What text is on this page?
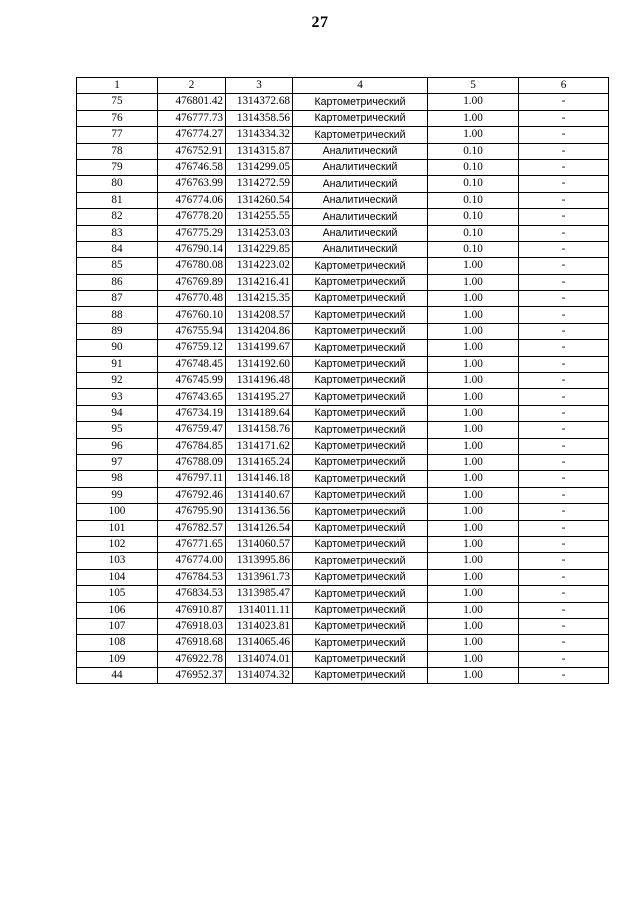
27
1	2	3	4	5	6
75	476801.42	1314372.68	Картометрический	1.00	-
76	476777.73	1314358.56	Картометрический	1.00	-
77	476774.27	1314334.32	Картометрический	1.00	-
78	476752.91	1314315.87	Аналитический	0.10	-
79	476746.58	1314299.05	Аналитический	0.10	-
80	476763.99	1314272.59	Аналитический	0.10	-
81	476774.06	1314260.54	Аналитический	0.10	-
82	476778.20	1314255.55	Аналитический	0.10	-
83	476775.29	1314253.03	Аналитический	0.10	-
84	476790.14	1314229.85	Аналитический	0.10	-
85	476780.08	1314223.02	Картометрический	1.00	-
86	476769.89	1314216.41	Картометрический	1.00	-
87	476770.48	1314215.35	Картометрический	1.00	-
88	476760.10	1314208.57	Картометрический	1.00	-
89	476755.94	1314204.86	Картометрический	1.00	-
90	476759.12	1314199.67	Картометрический	1.00	-
91	476748.45	1314192.60	Картометрический	1.00	-
92	476745.99	1314196.48	Картометрический	1.00	-
93	476743.65	1314195.27	Картометрический	1.00	-
94	476734.19	1314189.64	Картометрический	1.00	-
95	476759.47	1314158.76	Картометрический	1.00	-
96	476784.85	1314171.62	Картометрический	1.00	-
97	476788.09	1314165.24	Картометрический	1.00	-
98	476797.11	1314146.18	Картометрический	1.00	-
99	476792.46	1314140.67	Картометрический	1.00	-
100	476795.90	1314136.56	Картометрический	1.00	-
101	476782.57	1314126.54	Картометрический	1.00	-
102	476771.65	1314060.57	Картометрический	1.00	-
103	476774.00	1313995.86	Картометрический	1.00	-
104	476784.53	1313961.73	Картометрический	1.00	-
105	476834.53	1313985.47	Картометрический	1.00	-
106	476910.87	1314011.11	Картометрический	1.00	-
107	476918.03	1314023.81	Картометрический	1.00	-
108	476918.68	1314065.46	Картометрический	1.00	-
109	476922.78	1314074.01	Картометрический	1.00	-
44	476952.37	1314074.32	Картометрический	1.00	-
